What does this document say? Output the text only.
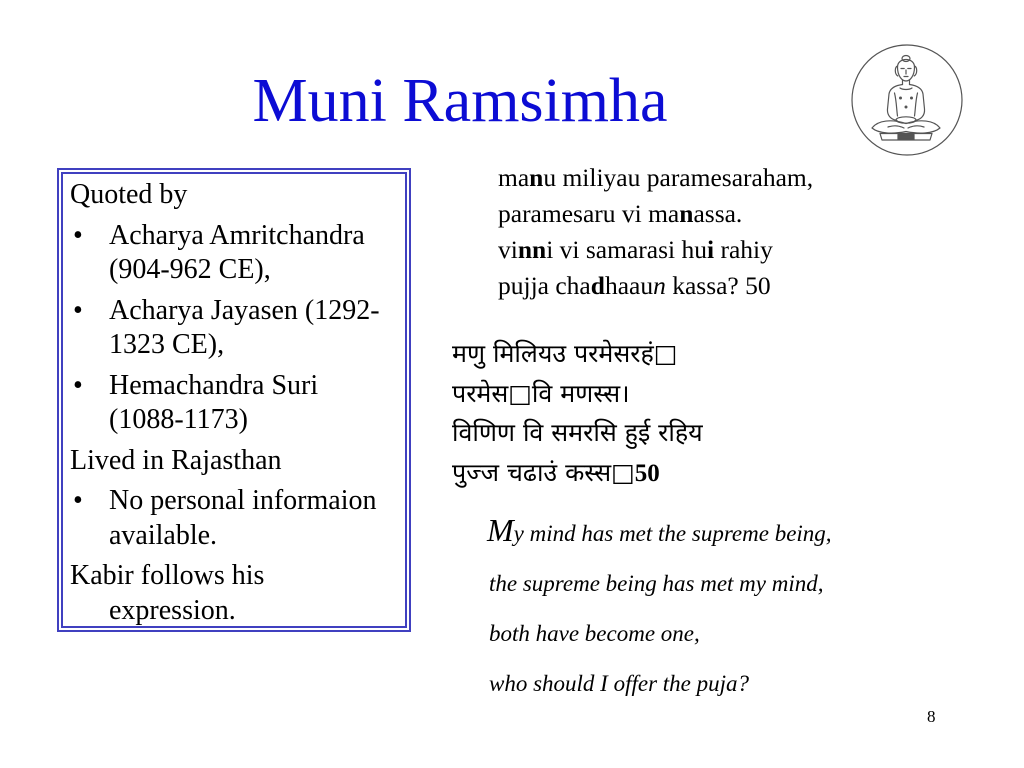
Muni Ramsimha
Quoted by
• Acharya Amritchandra
(904-962 CE),
• Acharya Jayasen (1292-
1323 CE),
• Hemachandra Suri
(1088-1173)
Lived in Rajasthan
• No personal informaion
available.
Kabir follows his
expression.
manu miliyau paramesaraham,
paramesaru vi manassa.
vinni vi samarasi hui rahiy
pujja chadhaaun kassa? 50
मणु मिलियउ परमेसरहं□
परमेस□वि मणस्स।
विणिण वि समरसि हुई रहिय
पुज्ज चढाउं कस्स□50
My mind has met the supreme being,
the supreme being has met my mind,
both have become one,
who should I offer the puja?
8
